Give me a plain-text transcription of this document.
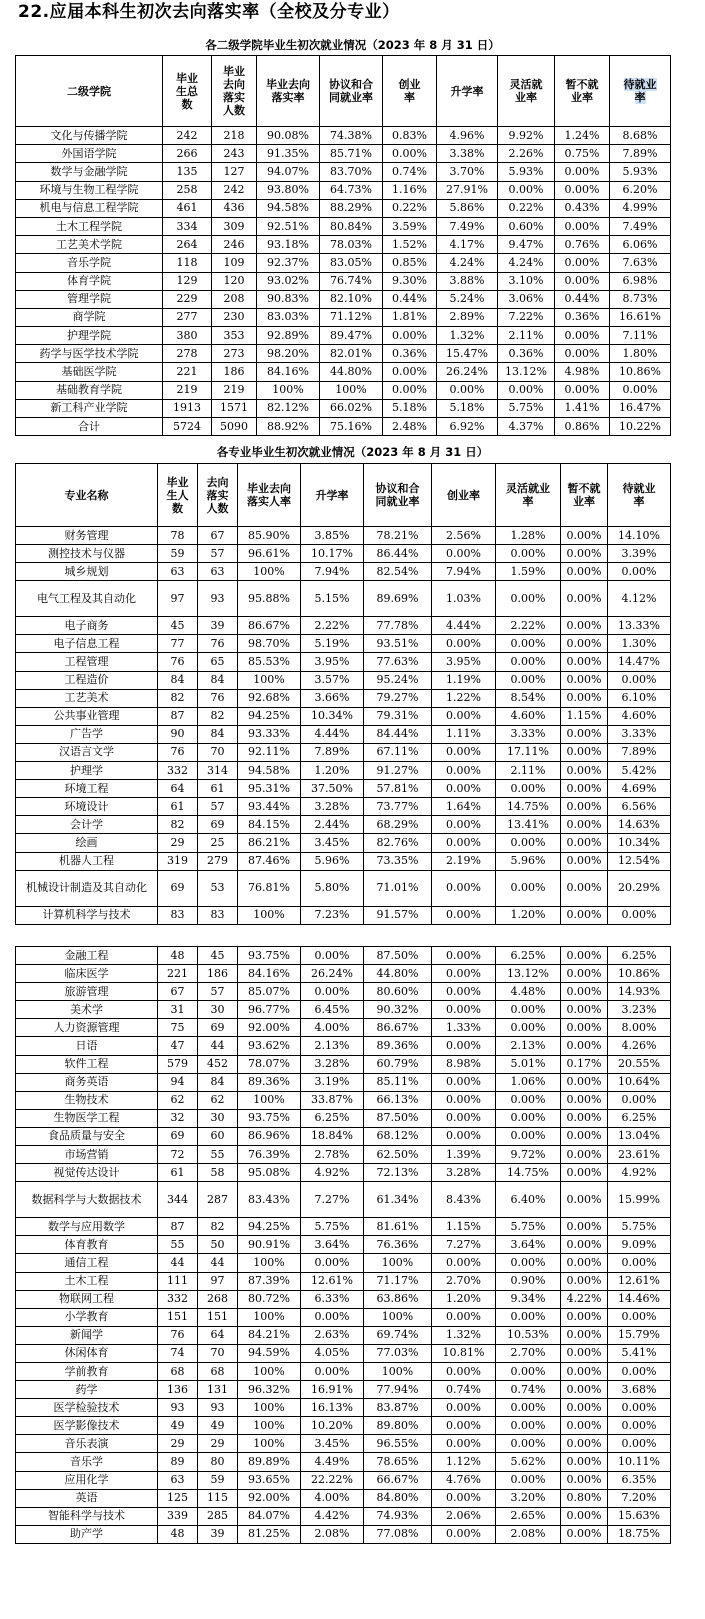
22.应届本科生初次去向落实率（全校及分专业）
各二级学院毕业生初次就业情况（2023 年 8 月 31 日）
二级学院	毕业生总数	毕业去向落实人数	毕业去向落实率	协议和合同就业率	创业率	升学率	灵活就业率	暂不就业率	待就业率
文化与传播学院	242	218	90.08%	74.38%	0.83%	4.96%	9.92%	1.24%	8.68%
外国语学院	266	243	91.35%	85.71%	0.00%	3.38%	2.26%	0.75%	7.89%
数学与金融学院	135	127	94.07%	83.70%	0.74%	3.70%	5.93%	0.00%	5.93%
环境与生物工程学院	258	242	93.80%	64.73%	1.16%	27.91%	0.00%	0.00%	6.20%
机电与信息工程学院	461	436	94.58%	88.29%	0.22%	5.86%	0.22%	0.43%	4.99%
土木工程学院	334	309	92.51%	80.84%	3.59%	7.49%	0.60%	0.00%	7.49%
工艺美术学院	264	246	93.18%	78.03%	1.52%	4.17%	9.47%	0.76%	6.06%
音乐学院	118	109	92.37%	83.05%	0.85%	4.24%	4.24%	0.00%	7.63%
体育学院	129	120	93.02%	76.74%	9.30%	3.88%	3.10%	0.00%	6.98%
管理学院	229	208	90.83%	82.10%	0.44%	5.24%	3.06%	0.44%	8.73%
商学院	277	230	83.03%	71.12%	1.81%	2.89%	7.22%	0.36%	16.61%
护理学院	380	353	92.89%	89.47%	0.00%	1.32%	2.11%	0.00%	7.11%
药学与医学技术学院	278	273	98.20%	82.01%	0.36%	15.47%	0.36%	0.00%	1.80%
基础医学院	221	186	84.16%	44.80%	0.00%	26.24%	13.12%	4.98%	10.86%
基础教育学院	219	219	100%	100%	0.00%	0.00%	0.00%	0.00%	0.00%
新工科产业学院	1913	1571	82.12%	66.02%	5.18%	5.18%	5.75%	1.41%	16.47%
合计	5724	5090	88.92%	75.16%	2.48%	6.92%	4.37%	0.86%	10.22%
各专业毕业生初次就业情况（2023 年 8 月 31 日）
专业名称	毕业生人数	去向落实人数	毕业去向落实人率	升学率	协议和合同就业率	创业率	灵活就业率	暂不就业率	待就业率
财务管理	78	67	85.90%	3.85%	78.21%	2.56%	1.28%	0.00%	14.10%
测控技术与仪器	59	57	96.61%	10.17%	86.44%	0.00%	0.00%	0.00%	3.39%
城乡规划	63	63	100%	7.94%	82.54%	7.94%	1.59%	0.00%	0.00%
电气工程及其自动化	97	93	95.88%	5.15%	89.69%	1.03%	0.00%	0.00%	4.12%
电子商务	45	39	86.67%	2.22%	77.78%	4.44%	2.22%	0.00%	13.33%
电子信息工程	77	76	98.70%	5.19%	93.51%	0.00%	0.00%	0.00%	1.30%
工程管理	76	65	85.53%	3.95%	77.63%	3.95%	0.00%	0.00%	14.47%
工程造价	84	84	100%	3.57%	95.24%	1.19%	0.00%	0.00%	0.00%
工艺美术	82	76	92.68%	3.66%	79.27%	1.22%	8.54%	0.00%	6.10%
公共事业管理	87	82	94.25%	10.34%	79.31%	0.00%	4.60%	1.15%	4.60%
广告学	90	84	93.33%	4.44%	84.44%	1.11%	3.33%	0.00%	3.33%
汉语言文学	76	70	92.11%	7.89%	67.11%	0.00%	17.11%	0.00%	7.89%
护理学	332	314	94.58%	1.20%	91.27%	0.00%	2.11%	0.00%	5.42%
环境工程	64	61	95.31%	37.50%	57.81%	0.00%	0.00%	0.00%	4.69%
环境设计	61	57	93.44%	3.28%	73.77%	1.64%	14.75%	0.00%	6.56%
会计学	82	69	84.15%	2.44%	68.29%	0.00%	13.41%	0.00%	14.63%
绘画	29	25	86.21%	3.45%	82.76%	0.00%	0.00%	0.00%	10.34%
机器人工程	319	279	87.46%	5.96%	73.35%	2.19%	5.96%	0.00%	12.54%
机械设计制造及其自动化	69	53	76.81%	5.80%	71.01%	0.00%	0.00%	0.00%	20.29%
计算机科学与技术	83	83	100%	7.23%	91.57%	0.00%	1.20%	0.00%	0.00%
金融工程	48	45	93.75%	0.00%	87.50%	0.00%	6.25%	0.00%	6.25%
临床医学	221	186	84.16%	26.24%	44.80%	0.00%	13.12%	0.00%	10.86%
旅游管理	67	57	85.07%	0.00%	80.60%	0.00%	4.48%	0.00%	14.93%
美术学	31	30	96.77%	6.45%	90.32%	0.00%	0.00%	0.00%	3.23%
人力资源管理	75	69	92.00%	4.00%	86.67%	1.33%	0.00%	0.00%	8.00%
日语	47	44	93.62%	2.13%	89.36%	0.00%	2.13%	0.00%	4.26%
软件工程	579	452	78.07%	3.28%	60.79%	8.98%	5.01%	0.17%	20.55%
商务英语	94	84	89.36%	3.19%	85.11%	0.00%	1.06%	0.00%	10.64%
生物技术	62	62	100%	33.87%	66.13%	0.00%	0.00%	0.00%	0.00%
生物医学工程	32	30	93.75%	6.25%	87.50%	0.00%	0.00%	0.00%	6.25%
食品质量与安全	69	60	86.96%	18.84%	68.12%	0.00%	0.00%	0.00%	13.04%
市场营销	72	55	76.39%	2.78%	62.50%	1.39%	9.72%	0.00%	23.61%
视觉传达设计	61	58	95.08%	4.92%	72.13%	3.28%	14.75%	0.00%	4.92%
数据科学与大数据技术	344	287	83.43%	7.27%	61.34%	8.43%	6.40%	0.00%	15.99%
数学与应用数学	87	82	94.25%	5.75%	81.61%	1.15%	5.75%	0.00%	5.75%
体育教育	55	50	90.91%	3.64%	76.36%	7.27%	3.64%	0.00%	9.09%
通信工程	44	44	100%	0.00%	100%	0.00%	0.00%	0.00%	0.00%
土木工程	111	97	87.39%	12.61%	71.17%	2.70%	0.90%	0.00%	12.61%
物联网工程	332	268	80.72%	6.33%	63.86%	1.20%	9.34%	4.22%	14.46%
小学教育	151	151	100%	0.00%	100%	0.00%	0.00%	0.00%	0.00%
新闻学	76	64	84.21%	2.63%	69.74%	1.32%	10.53%	0.00%	15.79%
休闲体育	74	70	94.59%	4.05%	77.03%	10.81%	2.70%	0.00%	5.41%
学前教育	68	68	100%	0.00%	100%	0.00%	0.00%	0.00%	0.00%
药学	136	131	96.32%	16.91%	77.94%	0.74%	0.74%	0.00%	3.68%
医学检验技术	93	93	100%	16.13%	83.87%	0.00%	0.00%	0.00%	0.00%
医学影像技术	49	49	100%	10.20%	89.80%	0.00%	0.00%	0.00%	0.00%
音乐表演	29	29	100%	3.45%	96.55%	0.00%	0.00%	0.00%	0.00%
音乐学	89	80	89.89%	4.49%	78.65%	1.12%	5.62%	0.00%	10.11%
应用化学	63	59	93.65%	22.22%	66.67%	4.76%	0.00%	0.00%	6.35%
英语	125	115	92.00%	4.00%	84.80%	0.00%	3.20%	0.80%	7.20%
智能科学与技术	339	285	84.07%	4.42%	74.93%	2.06%	2.65%	0.00%	15.63%
助产学	48	39	81.25%	2.08%	77.08%	0.00%	2.08%	0.00%	18.75%
